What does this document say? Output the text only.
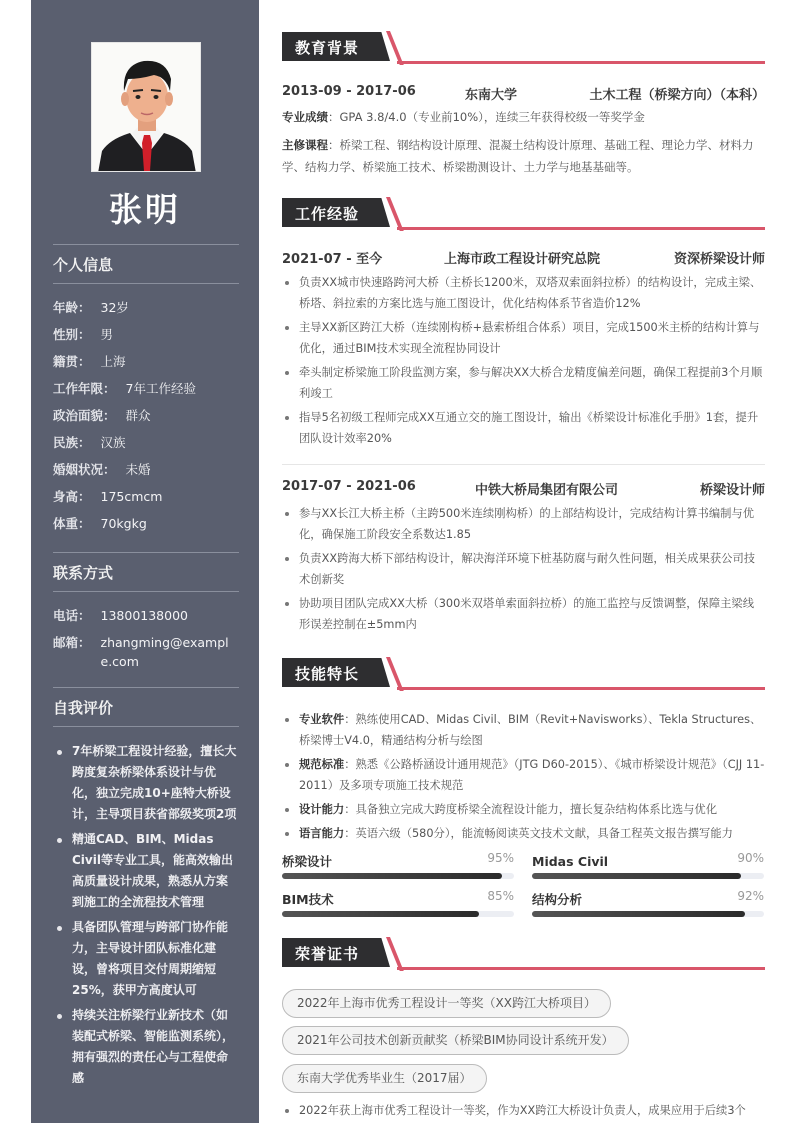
张明
个人信息
年龄： 32岁
性别： 男
籍贯： 上海
工作年限： 7年工作经验
政治面貌： 群众
民族： 汉族
婚姻状况： 未婚
身高： 175cmcm
体重： 70kgkg
联系方式
电话： 13800138000
邮箱： zhangming@example.com
自我评价
7年桥梁工程设计经验，擅长大跨度复杂桥梁体系设计与优化，独立完成10+座特大桥设计，主导项目获省部级奖项2项
精通CAD、BIM、Midas Civil等专业工具，能高效输出高质量设计成果，熟悉从方案到施工的全流程技术管理
具备团队管理与跨部门协作能力，主导设计团队标准化建设，曾将项目交付周期缩短25%，获甲方高度认可
持续关注桥梁行业新技术（如装配式桥梁、智能监测系统），拥有强烈的责任心与工程使命感
教育背景
2013-09 - 2017-06	东南大学	土木工程（桥梁方向）（本科）
专业成绩：GPA 3.8/4.0（专业前10%），连续三年获得校级一等奖学金
主修课程：桥梁工程、钢结构设计原理、混凝土结构设计原理、基础工程、理论力学、材料力学、结构力学、桥梁施工技术、桥梁勘测设计、土力学与地基基础等。
工作经验
2021-07 - 至今	上海市政工程设计研究总院	资深桥梁设计师
负责XX城市快速路跨河大桥（主桥长1200米，双塔双索面斜拉桥）的结构设计，完成主梁、桥塔、斜拉索的方案比选与施工图设计，优化结构体系节省造价12%
主导XX新区跨江大桥（连续刚构桥+悬索桥组合体系）项目，完成1500米主桥的结构计算与优化，通过BIM技术实现全流程协同设计
牵头制定桥梁施工阶段监测方案，参与解决XX大桥合龙精度偏差问题，确保工程提前3个月顺利竣工
指导5名初级工程师完成XX互通立交的施工图设计，输出《桥梁设计标准化手册》1套，提升团队设计效率20%
2017-07 - 2021-06	中铁大桥局集团有限公司	桥梁设计师
参与XX长江大桥主桥（主跨500米连续刚构桥）的上部结构设计，完成结构计算书编制与优化，确保施工阶段安全系数达1.85
负责XX跨海大桥下部结构设计，解决海洋环境下桩基防腐与耐久性问题，相关成果获公司技术创新奖
协助项目团队完成XX大桥（300米双塔单索面斜拉桥）的施工监控与反馈调整，保障主梁线形误差控制在±5mm内
技能特长
专业软件：熟练使用CAD、Midas Civil、BIM（Revit+Navisworks）、Tekla Structures、桥梁博士V4.0，精通结构分析与绘图
规范标准：熟悉《公路桥涵设计通用规范》（JTG D60-2015）、《城市桥梁设计规范》（CJJ 11-2011）及多项专项施工技术规范
设计能力：具备独立完成大跨度桥梁全流程设计能力，擅长复杂结构体系比选与优化
语言能力：英语六级（580分），能流畅阅读英文技术文献，具备工程英文报告撰写能力
桥梁设计	95% Midas Civil	90%
BIM技术	85% 结构分析	92%
荣誉证书
2022年上海市优秀工程设计一等奖（XX跨江大桥项目）
2021年公司技术创新贡献奖（桥梁BIM协同设计系统开发）
东南大学优秀毕业生（2017届）
2022年获上海市优秀工程设计一等奖，作为XX跨江大桥设计负责人，成果应用于后续3个
